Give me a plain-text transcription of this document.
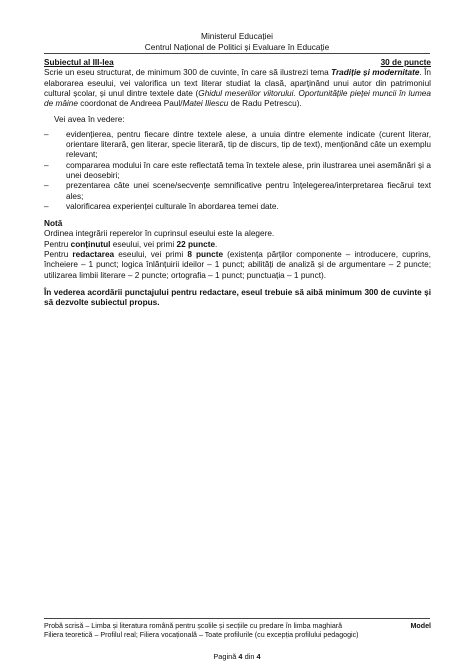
Ministerul Educației
Centrul Național de Politici și Evaluare în Educație
Subiectul al III-lea	30 de puncte
Scrie un eseu structurat, de minimum 300 de cuvinte, în care să ilustrezi tema Tradiție și modernitate. În elaborarea eseului, vei valorifica un text literar studiat la clasă, aparținând unui autor din patrimoniul cultural școlar, și unul dintre textele date (Ghidul meseriilor viitorului. Oportunitățile pieței muncii în lumea de mâine coordonat de Andreea Paul/Matei Iliescu de Radu Petrescu).
Vei avea în vedere:
– evidențierea, pentru fiecare dintre textele alese, a unuia dintre elemente indicate (curent literar, orientare literară, gen literar, specie literară, tip de discurs, tip de text), menționând câte un exemplu relevant;
– compararea modului în care este reflectată tema în textele alese, prin ilustrarea unei asemănări și a unei deosebiri;
– prezentarea câte unei scene/secvențe semnificative pentru înțelegerea/interpretarea fiecărui text ales;
– valorificarea experienței culturale în abordarea temei date.
Notă
Ordinea integrării reperelor în cuprinsul eseului este la alegere.
Pentru conținutul eseului, vei primi 22 puncte.
Pentru redactarea eseului, vei primi 8 puncte (existența părților componente – introducere, cuprins, încheiere – 1 punct; logica înlănțuirii ideilor – 1 punct; abilități de analiză și de argumentare – 2 puncte; utilizarea limbii literare – 2 puncte; ortografia – 1 punct; punctuația – 1 punct).
În vederea acordării punctajului pentru redactare, eseul trebuie să aibă minimum 300 de cuvinte și să dezvolte subiectul propus.
Probă scrisă – Limba și literatura română pentru școlile și secțiile cu predare în limba maghiară	Model
Filiera teoretică – Profilul real; Filiera vocațională – Toate profilurile (cu excepția profilului pedagogic)
Pagină 4 din 4
